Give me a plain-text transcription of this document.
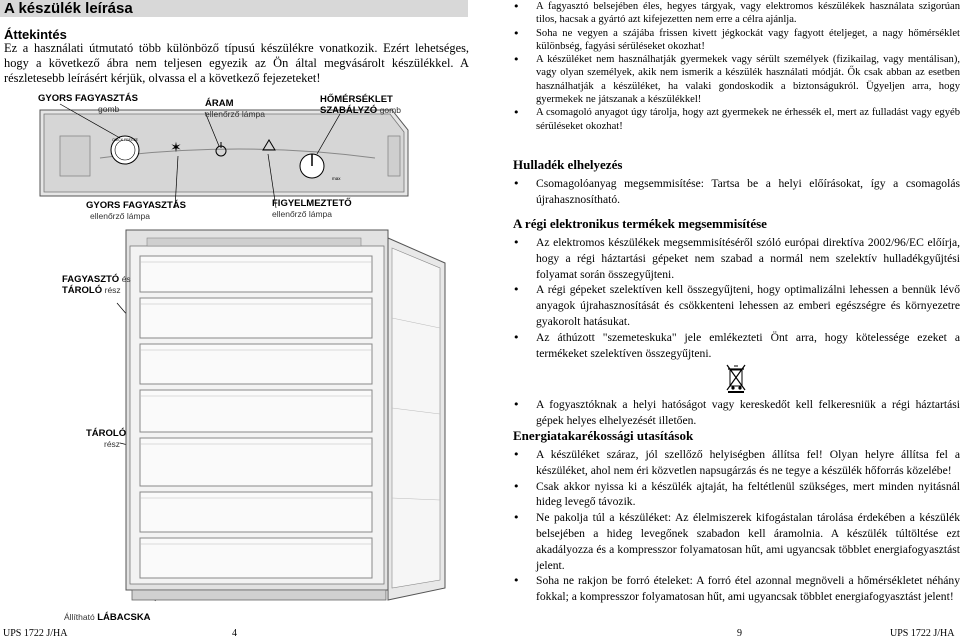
A készülék leírása
Áttekintés
Ez a használati útmutató több különböző típusú készülékre vonatkozik. Ezért lehetséges, hogy a következő ábra nem teljesen egyezik az Ön által megvásárolt készülékkel. A részletesebb leírásért kérjük, olvassa el a következő fejezeteket!
QUICK FREEZE ✶
max
GYORS FAGYASZTÁS
gomb	ÁRAM
ellenőrző lámpa
HŐMÉRSÉKLET
SZABÁLYZÓ gomb
GYORS FAGYASZTÁS
ellenőrző lámpa
FIGYELMEZTETŐ
ellenőrző lámpa
FAGYASZTÓ és
TÁROLÓ rész
TÁROLÓ
rész
Állítható LÁBACSKA
• A fagyasztó belsejében éles, hegyes tárgyak, vagy elektromos készülékek használata szigorúan tilos, hacsak a gyártó azt kifejezetten nem erre a célra ajánlja.
• Soha ne vegyen a szájába frissen kivett jégkockát vagy fagyott ételjeget, a nagy hőmérséklet különbség, fagyási sérüléseket okozhat!
• A készüléket nem használhatják gyermekek vagy sérült személyek (fizikailag, vagy mentálisan), vagy olyan személyek, akik nem ismerik a készülék használati módját. Ők csak abban az esetben használhatják a készüléket, ha valaki gondoskodik a biztonságukról. Ügyeljen arra, hogy gyermekek ne játszanak a készülékkel!
• A csomagoló anyagot úgy tárolja, hogy azt gyermekek ne érhessék el, mert az fulladást vagy egyéb sérüléseket okozhat!
Hulladék elhelyezés
• Csomagolóanyag megsemmisítése: Tartsa be a helyi előírásokat, így a csomagolás újrahasznosítható.
A régi elektronikus termékek megsemmisítése
• Az elektromos készülékek megsemmisítéséről szóló európai direktíva 2002/96/EC előírja, hogy a régi háztartási gépeket nem szabad a normál nem szelektív hulladékgyűjtési folyamat során összegyűjteni.
• A régi gépeket szelektíven kell összegyűjteni, hogy optimalizálni lehessen a bennük lévő anyagok újrahasznosítását és csökkenteni lehessen az emberi egészségre és környezetre gyakorolt hatásukat.
• Az áthúzott "szemeteskuka" jele emlékezteti Önt arra, hogy kötelessége ezeket a termékeket szelektíven összegyűjteni.
• A fogyasztóknak a helyi hatóságot vagy kereskedőt kell felkeresniük a régi háztartási gépek helyes elhelyezését illetően.
Energiatakarékossági utasítások
• A készüléket száraz, jól szellőző helyiségben állítsa fel! Olyan helyre állítsa fel a készüléket, ahol nem éri közvetlen napsugárzás és ne tegye a készülék hőforrás közelébe!
• Csak akkor nyissa ki a készülék ajtaját, ha feltétlenül szükséges, mert minden nyitásnál hideg levegő távozik.
• Ne pakolja túl a készüléket: Az élelmiszerek kifogástalan tárolása érdekében a készülék belsejében a hideg levegőnek szabadon kell áramolnia. A készülék túltöltése ezt akadályozza és a kompresszor folyamatosan hűt, ami ugyancsak többlet energiafogyasztást jelent.
• Soha ne rakjon be forró ételeket: A forró étel azonnal megnöveli a hőmérsékletet néhány fokkal; a kompresszor folyamatosan hűt, ami ugyancsak többlet energiafogyasztást jelent!
UPS 1722 J/HA	4	9	UPS 1722 J/HA
